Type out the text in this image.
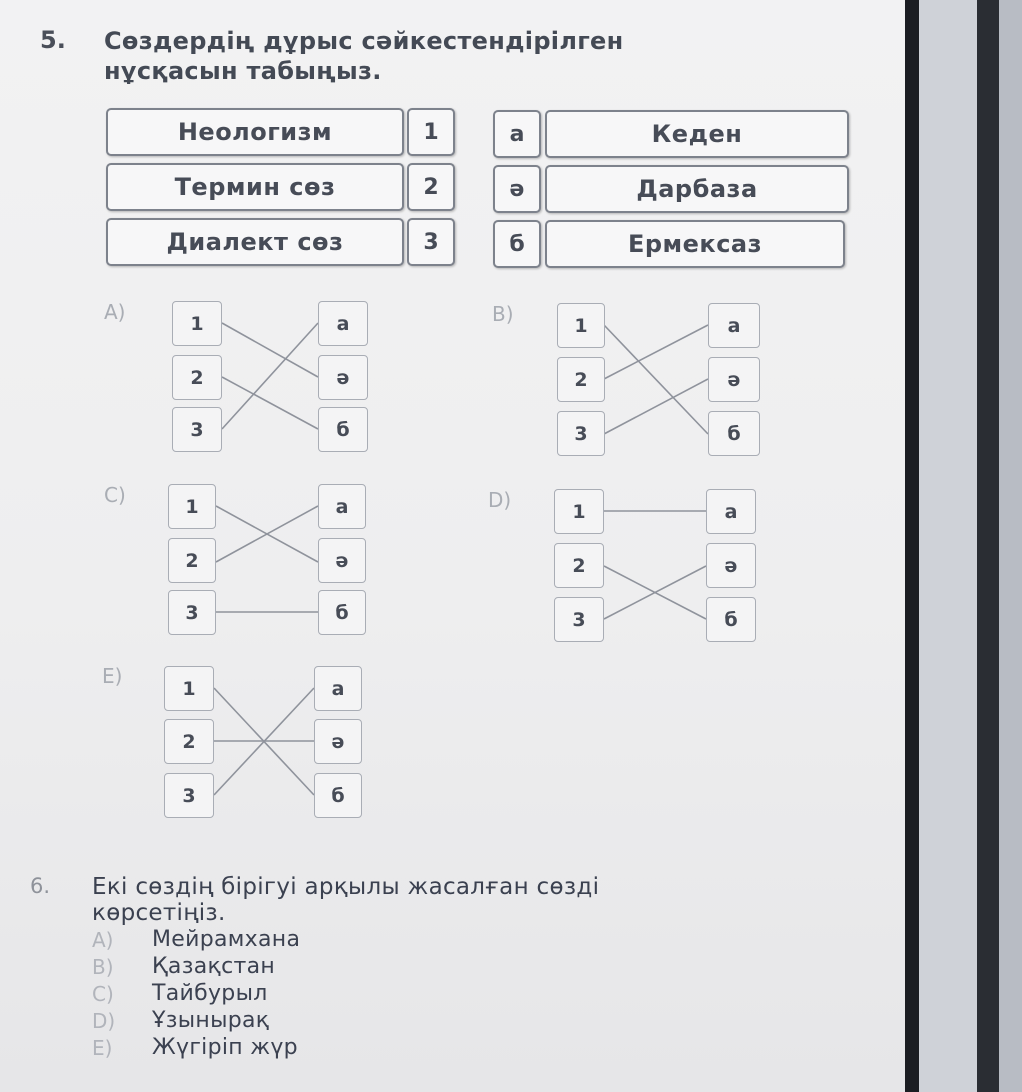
5. Сөздердің дұрыс сәйкестендірілген
нұсқасын табыңыз.
Неологизм	1	а	Кеден
Термин сөз	2	ә	Дарбаза
Диалект сөз	3	б	Ермексаз
A)	1
2
3
а
ә
б
B)	1
2
3
а
ә
б
C)	1
2
3
а
ә
б
D)	1
2
3
а
ә
б
E)
1
2
3
а
ә
б
6. Екі сөздің бірігуі арқылы жасалған сөзді
көрсетіңіз.
A) Мейрамхана
B) Қазақстан
C) Тайбурыл
D) Ұзынырақ
E) Жүгіріп жүр
